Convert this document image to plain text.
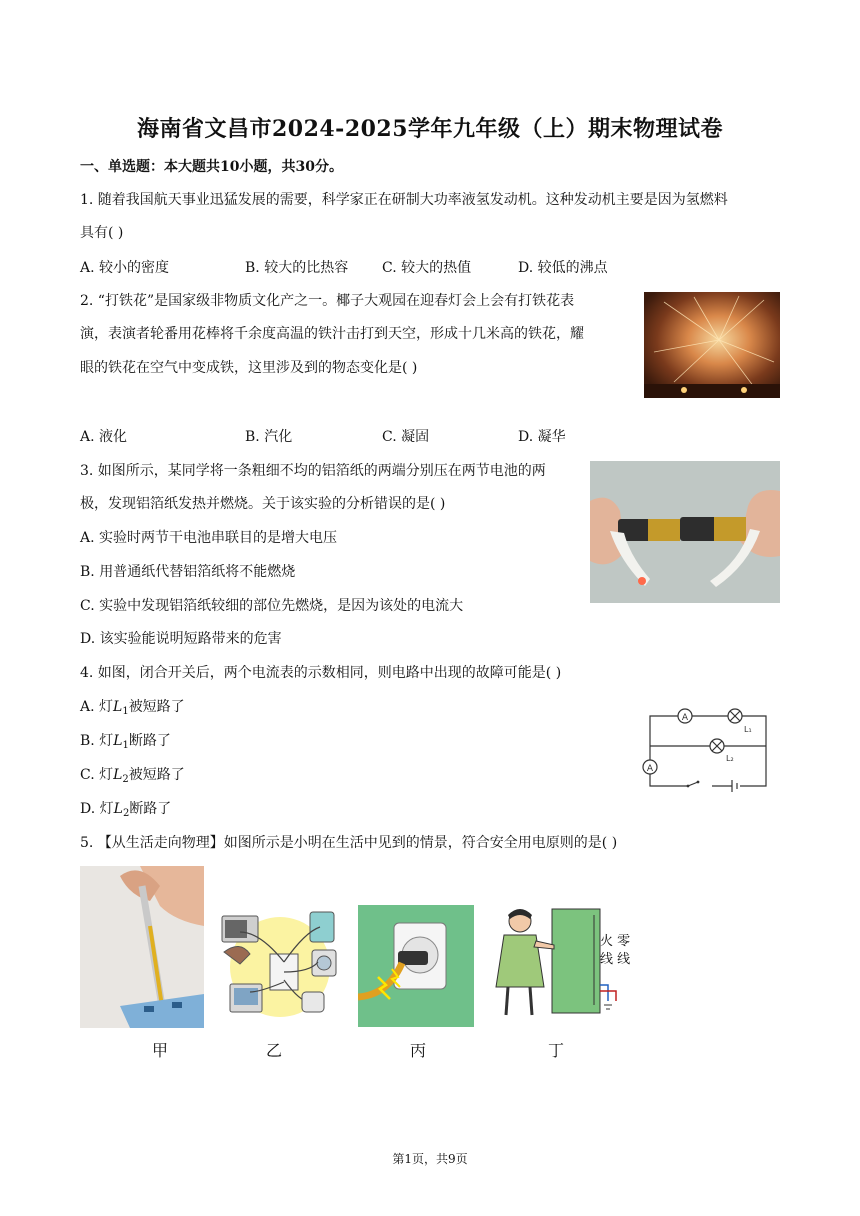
海南省文昌市2024-2025学年九年级（上）期末物理试卷
一、单选题：本大题共10小题，共30分。
1. 随着我国航天事业迅猛发展的需要，科学家正在研制大功率液氢发动机。这种发动机主要是因为氢燃料
具有( )
A. 较小的密度	B. 较大的比热容 C. 较大的热值	D. 较低的沸点
2. “打铁花”是国家级非物质文化产之一。椰子大观园在迎春灯会上会有打铁花表
演，表演者轮番用花棒将千余度高温的铁汁击打到天空，形成十几米高的铁花，耀
眼的铁花在空气中变成铁，这里涉及到的物态变化是( )
A. 液化	B. 汽化	C. 凝固	D. 凝华
3. 如图所示，某同学将一条粗细不均的铝箔纸的两端分别压在两节电池的两
极，发现铝箔纸发热并燃烧。关于该实验的分析错误的是( )
A. 实验时两节干电池串联目的是增大电压
B. 用普通纸代替铝箔纸将不能燃烧
C. 实验中发现铝箔纸较细的部位先燃烧，是因为该处的电流大
D. 该实验能说明短路带来的危害
4. 如图，闭合开关后，两个电流表的示数相同，则电路中出现的故障可能是( )
A. 灯$L_1$被短路了
B. 灯$L_1$断路了
C. 灯$L_2$被短路了
D. 灯$L_2$断路了
A
A
L₁
L₂
5. 【从生活走向物理】如图所示是小明在生活中见到的情景，符合安全用电原则的是( )
火 零
线 线
甲	乙	丙	丁
第1页，共9页
